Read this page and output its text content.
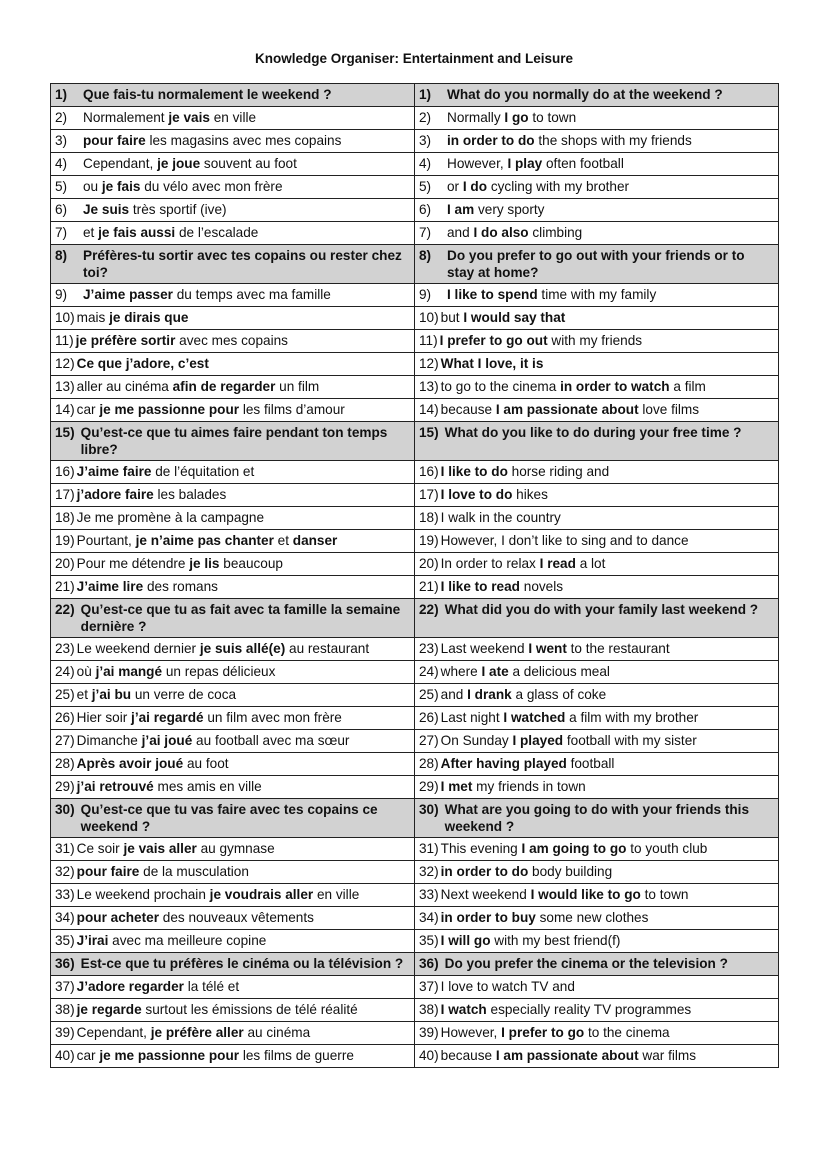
Knowledge Organiser: Entertainment and Leisure
1) Que fais-tu normalement le weekend ?	1) What do you normally do at the weekend ?

2) Normalement je vais en ville	2) Normally I go to town

3) pour faire les magasins avec mes copains	3) in order to do the shops with my friends

4) Cependant, je joue souvent au foot	4) However, I play often football

5) ou je fais du vélo avec mon frère	5) or I do cycling with my brother

6) Je suis très sportif (ive)	6) I am very sporty

7) et je fais aussi de l’escalade	7) and I do also climbing

8) Préfères-tu sortir avec tes copains ou rester chez toi?	8) Do you prefer to go out with your friends or to stay at home?

9) J’aime passer du temps avec ma famille	9) I like to spend time with my family

10) mais je dirais que	10) but I would say that

11) je préfère sortir avec mes copains	11) I prefer to go out with my friends

12) Ce que j’adore, c’est	12) What I love, it is

13) aller au cinéma afin de regarder un film	13) to go to the cinema in order to watch a film

14) car je me passionne pour les films d’amour	14) because I am passionate about love films

15) Qu’est-ce que tu aimes faire pendant ton temps libre?	15) What do you like to do during your free time ?

16) J’aime faire de l’équitation et	16) I like to do horse riding and

17) j’adore faire les balades	17) I love to do hikes

18) Je me promène à la campagne	18) I walk in the country

19) Pourtant, je n’aime pas chanter et danser	19) However, I don’t like to sing and to dance

20) Pour me détendre je lis beaucoup	20) In order to relax I read a lot

21) J’aime lire des romans	21) I like to read novels

22) Qu’est-ce que tu as fait avec ta famille la semaine dernière ?	22) What did you do with your family last weekend ?

23) Le weekend dernier je suis allé(e) au restaurant	23) Last weekend I went to the restaurant

24) où j’ai mangé un repas délicieux	24) where I ate a delicious meal

25) et j’ai bu un verre de coca	25) and I drank a glass of coke

26) Hier soir j’ai regardé un film avec mon frère	26) Last night I watched a film with my brother

27) Dimanche j’ai joué au football avec ma sœur	27) On Sunday I played football with my sister

28) Après avoir joué au foot	28) After having played football

29) j’ai retrouvé mes amis en ville	29) I met my friends in town

30) Qu’est-ce que tu vas faire avec tes copains ce weekend ?	30) What are you going to do with your friends this weekend ?

31) Ce soir je vais aller au gymnase	31) This evening I am going to go to youth club

32) pour faire de la musculation	32) in order to do body building

33) Le weekend prochain je voudrais aller en ville	33) Next weekend I would like to go to town

34) pour acheter des nouveaux vêtements	34) in order to buy some new clothes

35) J’irai avec ma meilleure copine	35) I will go with my best friend(f)

36) Est-ce que tu préfères le cinéma ou la télévision ?	36) Do you prefer the cinema or the television ?

37) J’adore regarder la télé et	37) I love to watch TV and

38) je regarde surtout les émissions de télé réalité	38) I watch especially reality TV programmes

39) Cependant, je préfère aller au cinéma	39) However, I prefer to go to the cinema

40) car je me passionne pour les films de guerre	40) because I am passionate about war films
